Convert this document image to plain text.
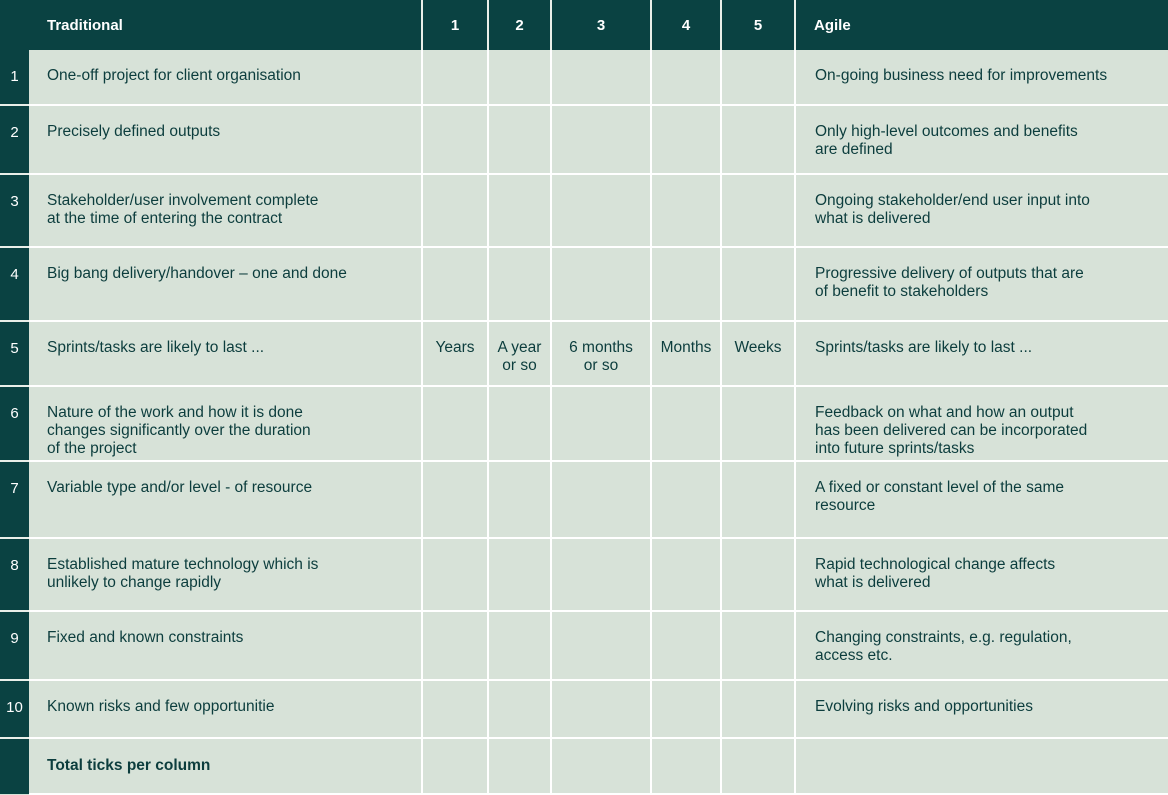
	Traditional	1	2	3	4	5	Agile
1	One-off project for client organisation						On-going business need for improvements
2	Precisely defined outputs						Only high-level outcomes and benefits
are defined
3	Stakeholder/user involvement complete
at the time of entering the contract						Ongoing stakeholder/end user input into
what is delivered
4	Big bang delivery/handover – one and done						Progressive delivery of outputs that are
of benefit to stakeholders
5	Sprints/tasks are likely to last ...	Years	A year
or so	6 months
or so	Months	Weeks	Sprints/tasks are likely to last ...
6	Nature of the work and how it is done
changes significantly over the duration
of the project						Feedback on what and how an output
has been delivered can be incorporated
into future sprints/tasks
7	Variable type and/or level - of resource						A fixed or constant level of the same
resource
8	Established mature technology which is
unlikely to change rapidly						Rapid technological change affects
what is delivered
9	Fixed and known constraints						Changing constraints, e.g. regulation,
access etc.
10	Known risks and few opportunitie						Evolving risks and opportunities
	Total ticks per column						
